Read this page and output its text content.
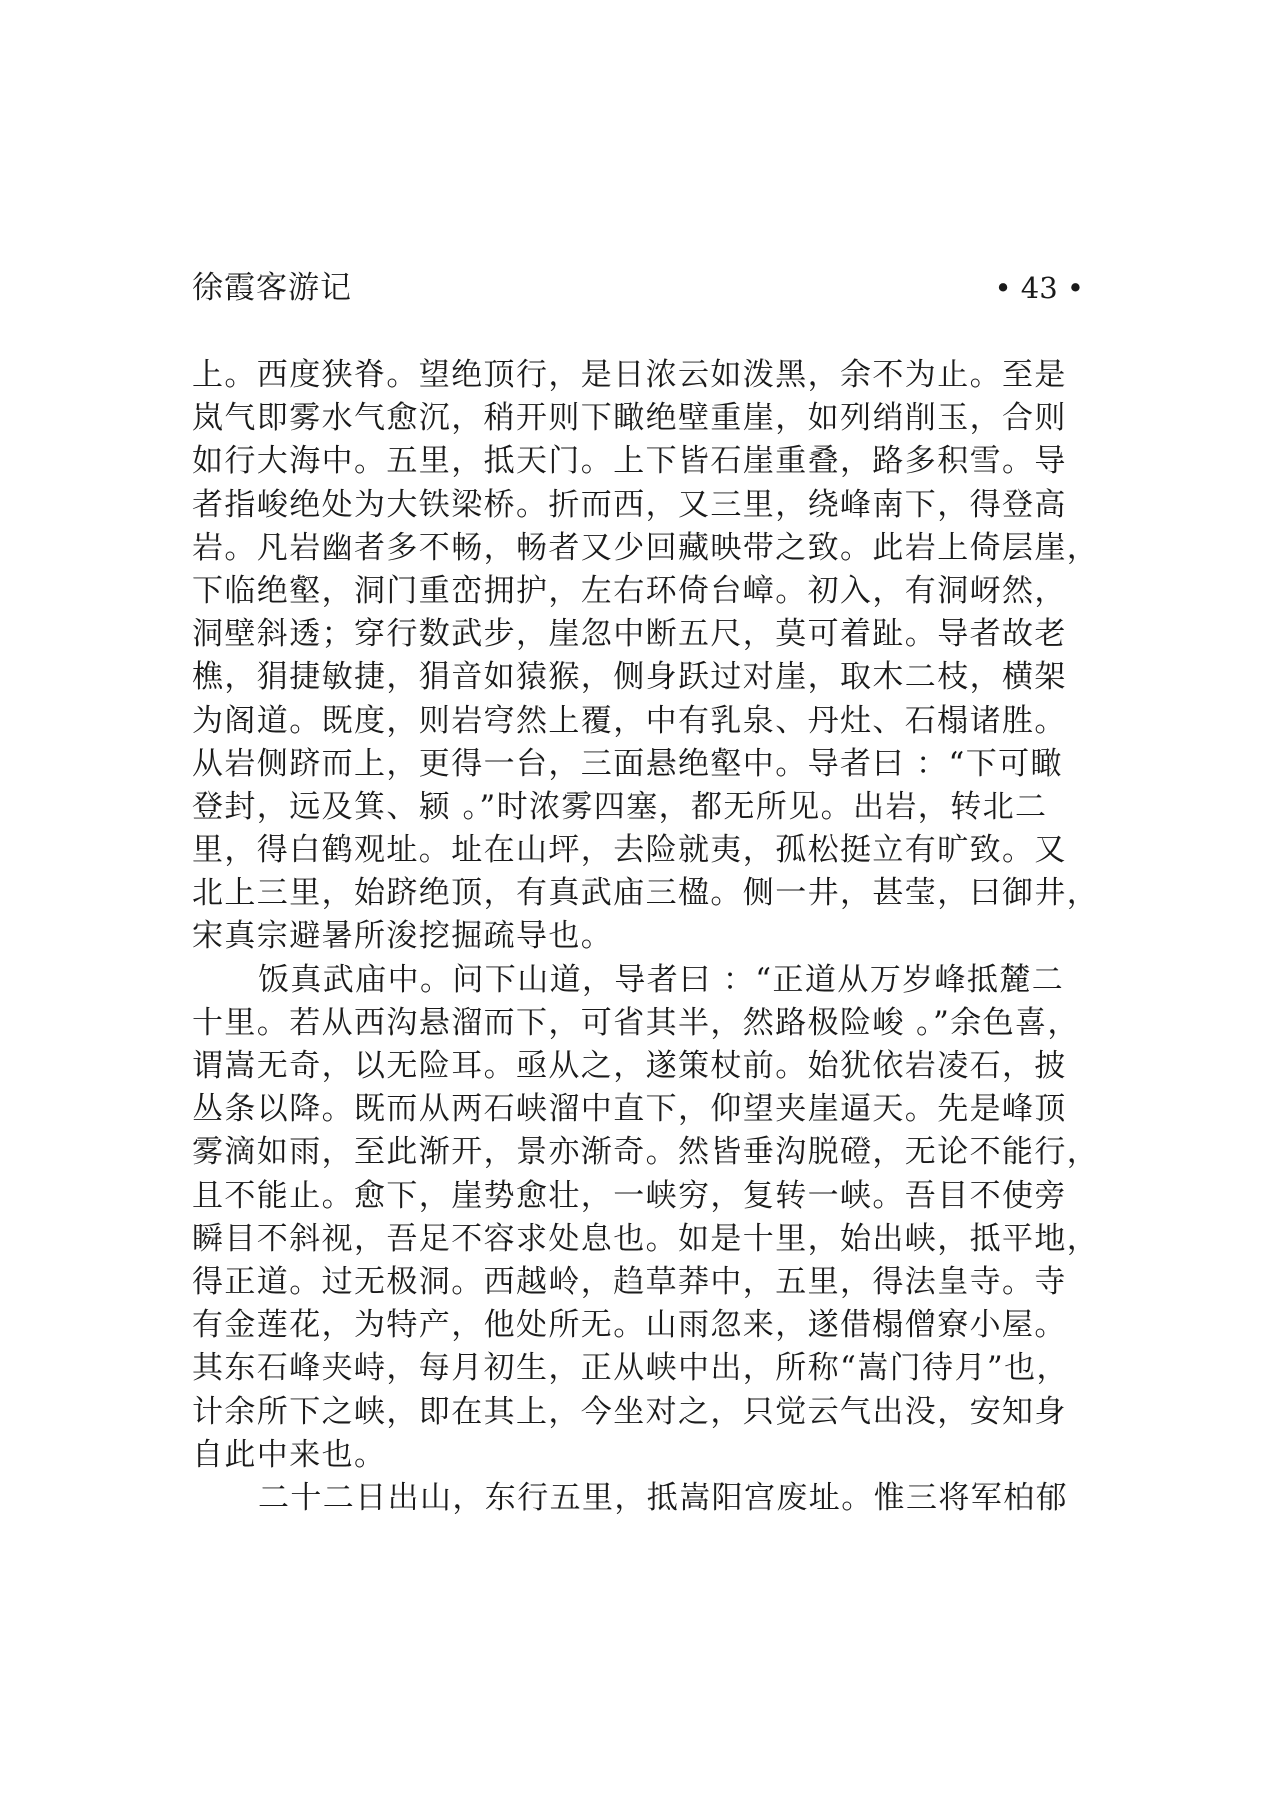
徐霞客游记	• 43 •
上。西度狭脊。望绝顶行，是日浓云如泼黑，余不为止。至是
岚气即雾水气愈沉，稍开则下瞰绝壁重崖，如列绡削玉，合则
如行大海中。五里，抵天门。上下皆石崖重叠，路多积雪。导
者指峻绝处为大铁梁桥。折而西，又三里，绕峰南下，得登高
岩。凡岩幽者多不畅，畅者又少回藏映带之致。此岩上倚层崖，
下临绝壑，洞门重峦拥护，左右环倚台嶂。初入，有洞岈然，
洞壁斜透；穿行数武步，崖忽中断五尺，莫可着趾。导者故老
樵，狷捷敏捷，狷音如猿猴，侧身跃过对崖，取木二枝，横架
为阁道。既度，则岩穹然上覆，中有乳泉、丹灶、石榻诸胜。
从岩侧跻而上，更得一台，三面悬绝壑中。导者曰 ：“下可瞰
登封，远及箕、颍 。”时浓雾四塞，都无所见。出岩，转北二
里，得白鹤观址。址在山坪，去险就夷，孤松挺立有旷致。又
北上三里，始跻绝顶，有真武庙三楹。侧一井，甚莹，曰御井，
宋真宗避暑所浚挖掘疏导也。
饭真武庙中。问下山道，导者曰 ：“正道从万岁峰抵麓二
十里。若从西沟悬溜而下，可省其半，然路极险峻 。”余色喜，
谓嵩无奇，以无险耳。亟从之，遂策杖前。始犹依岩凌石，披
丛条以降。既而从两石峡溜中直下，仰望夹崖逼天。先是峰顶
雾滴如雨，至此渐开，景亦渐奇。然皆垂沟脱磴，无论不能行，
且不能止。愈下，崖势愈壮，一峡穷，复转一峡。吾目不使旁
瞬目不斜视，吾足不容求处息也。如是十里，始出峡，抵平地，
得正道。过无极洞。西越岭，趋草莽中，五里，得法皇寺。寺
有金莲花，为特产，他处所无。山雨忽来，遂借榻僧寮小屋。
其东石峰夹峙，每月初生，正从峡中出，所称“嵩门待月”也，
计余所下之峡，即在其上，今坐对之，只觉云气出没，安知身
自此中来也。
二十二日出山，东行五里，抵嵩阳宫废址。惟三将军柏郁
